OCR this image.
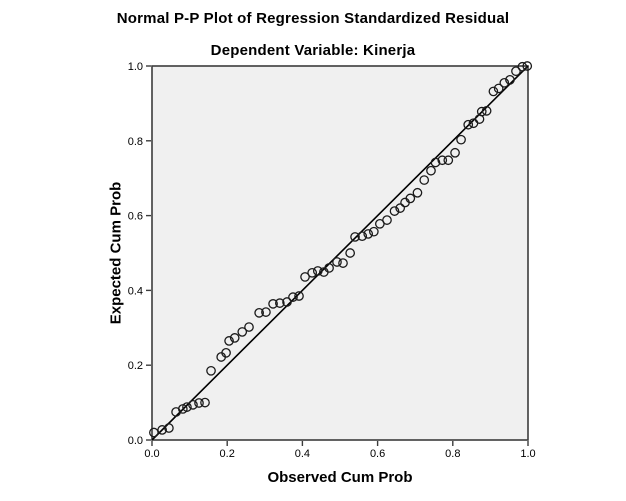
Normal P-P Plot of Regression Standardized Residual
Dependent Variable: Kinerja
0.0	0.2	0.4	0.6	0.8	1.0
0.0
0.2
0.4
0.6
0.8
1.0
Expected Cum Prob
Observed Cum Prob
